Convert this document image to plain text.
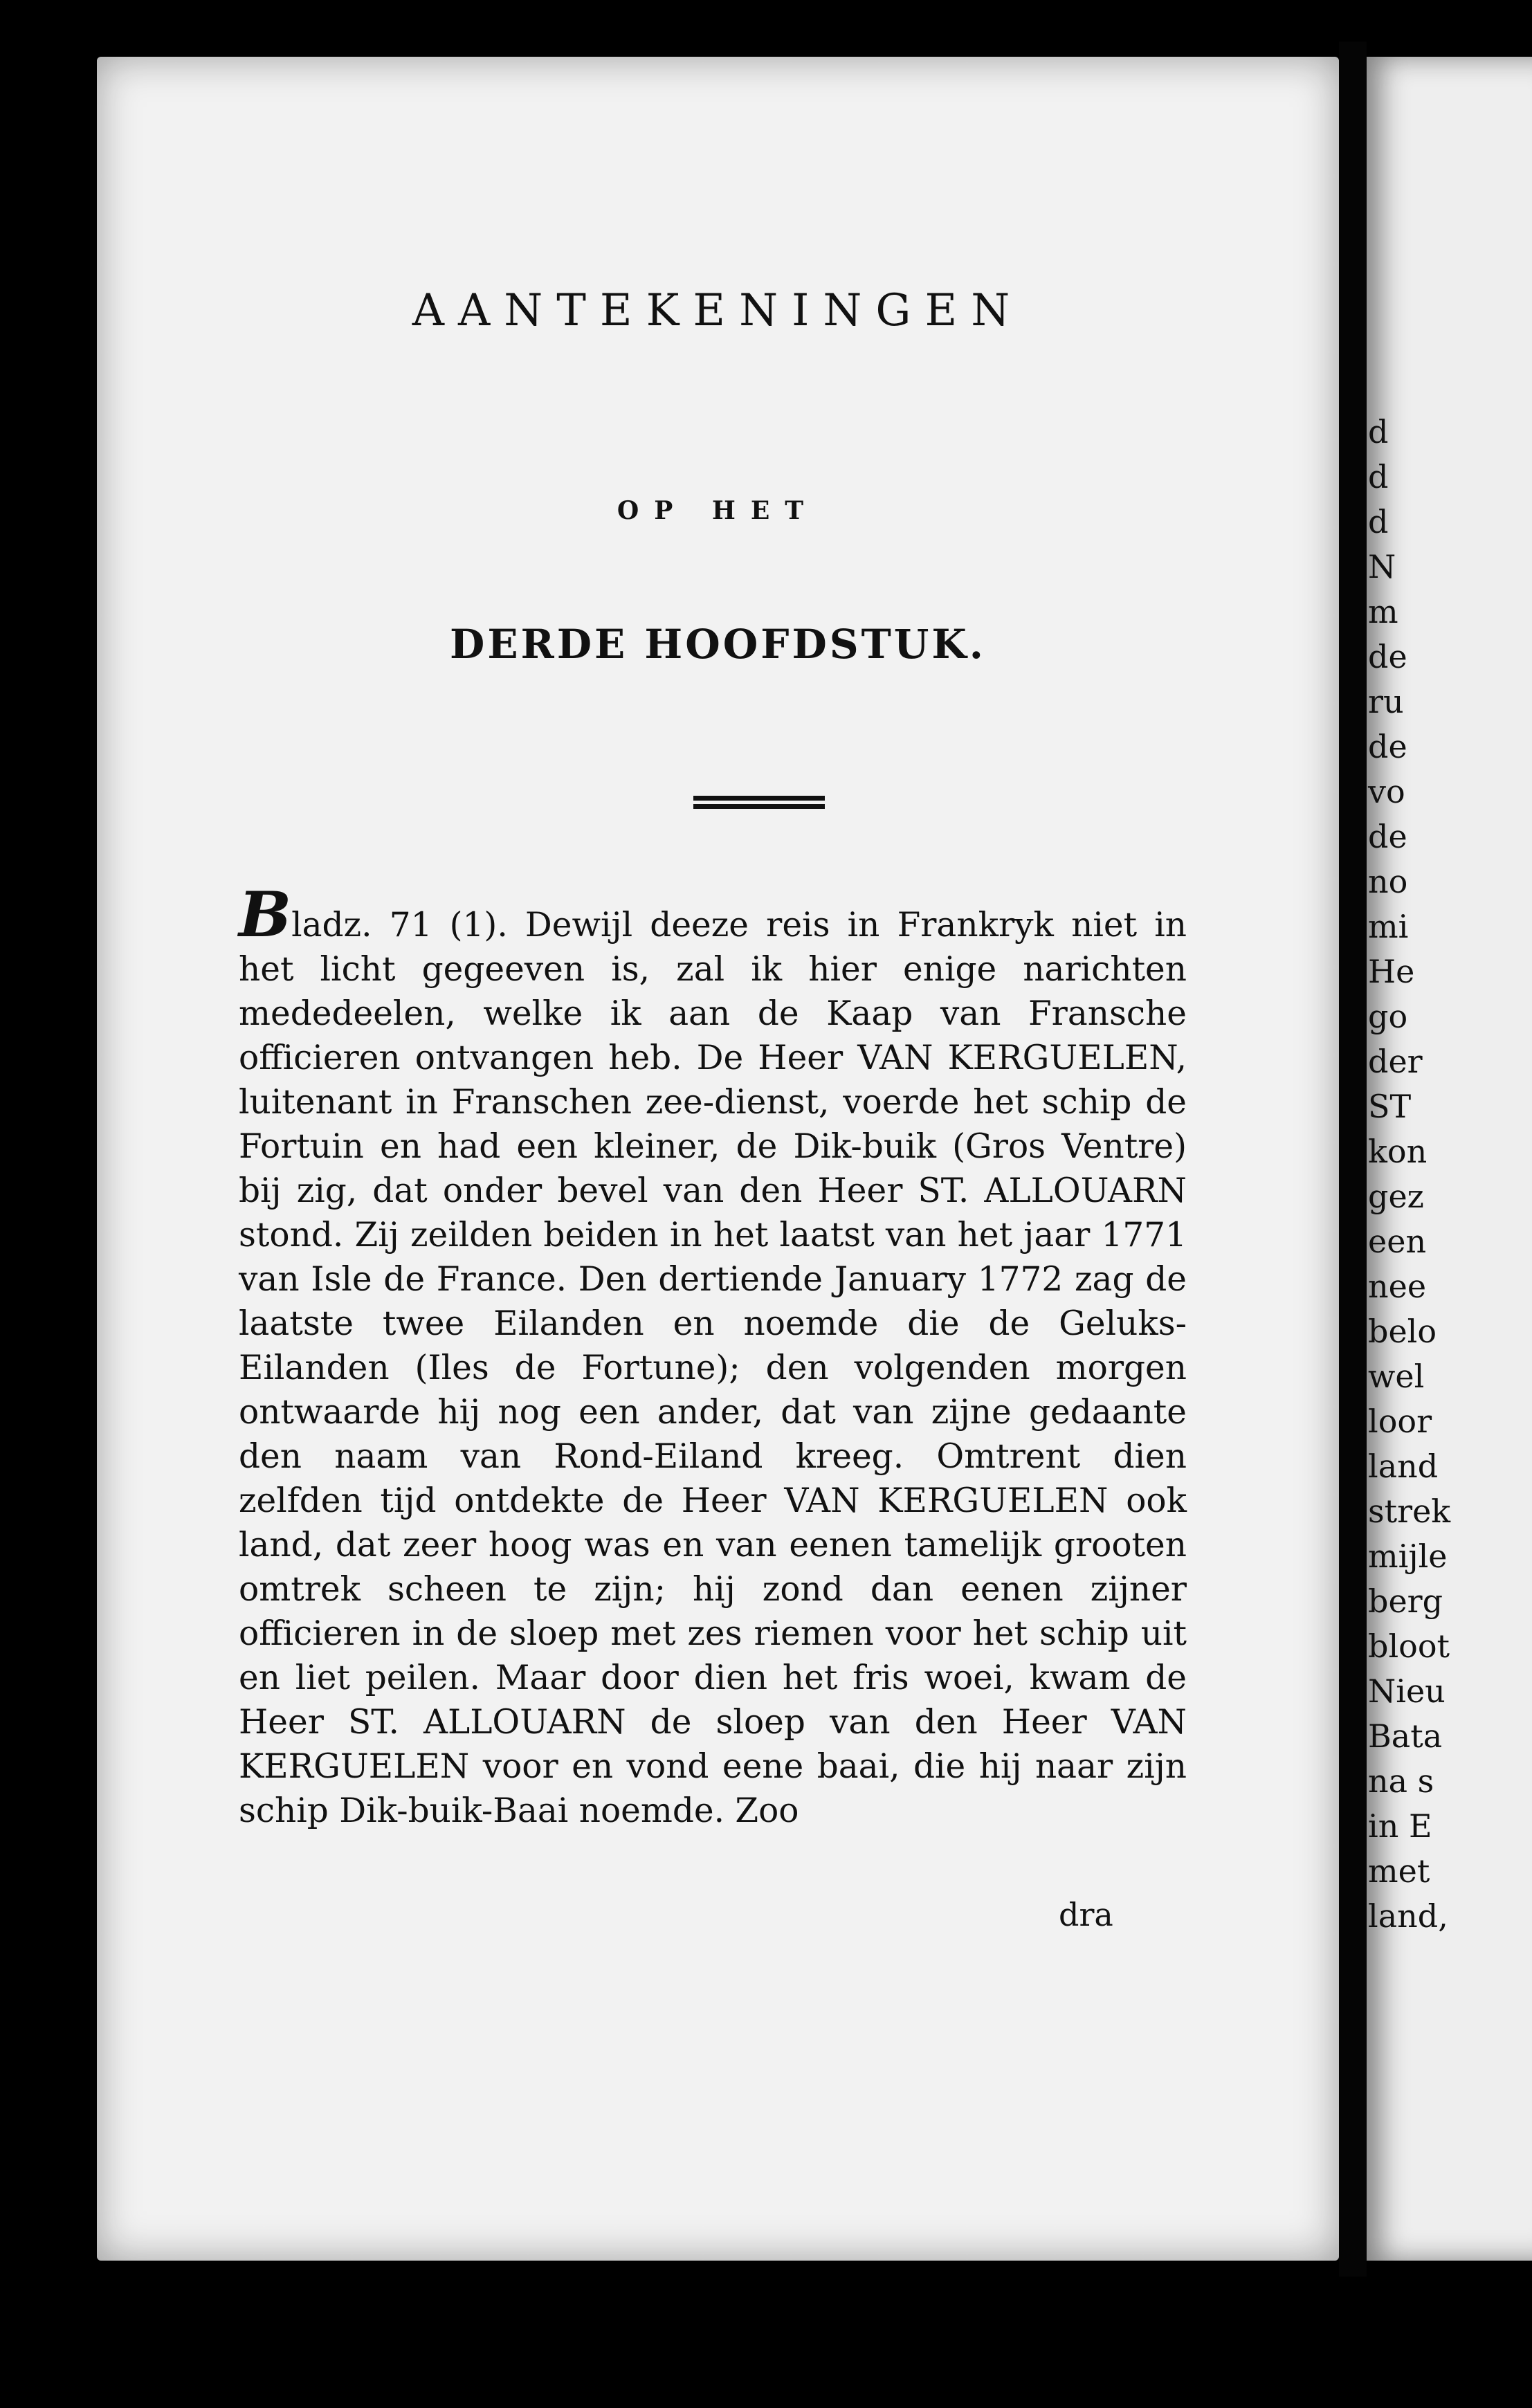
AANTEKENINGEN
OP HET
DERDE HOOFDSTUK.

Bladz. 71 (1). Dewijl deeze reis in Frankryk niet in het licht gegeeven is, zal ik hier enige narichten mededeelen, welke ik aan de Kaap van Fransche officieren ontvangen heb. De Heer VAN KERGUELEN, luitenant in Franschen zee-dienst, voerde het schip de Fortuin en had een kleiner, de Dik-buik (Gros Ventre) bij zig, dat onder bevel van den Heer ST. ALLOUARN stond. Zij zeilden beiden in het laatst van het jaar 1771 van Isle de France. Den dertiende January 1772 zag de laatste twee Eilanden en noemde die de Geluks-Eilanden (Iles de Fortune); den volgenden morgen ontwaarde hij nog een ander, dat van zijne gedaante den naam van Rond-Eiland kreeg. Omtrent dien zelfden tijd ontdekte de Heer VAN KERGUELEN ook land, dat zeer hoog was en van eenen tamelijk grooten omtrek scheen te zijn; hij zond dan eenen zijner officieren in de sloep met zes riemen voor het schip uit en liet peilen. Maar door dien het fris woei, kwam de Heer ST. ALLOUARN de sloep van den Heer VAN KERGUELEN voor en vond eene baai, die hij naar zijn schip Dik-buik-Baai noemde. Zoo

dra
d
d
d
N
m
de
ru
de
vo
de
no
mi
He
go
der
ST
kon
gez
een
nee
belo
wel
loor
land
strek
mijle
berg
bloot
Nieu
Bata
na s
in E
met
land,
